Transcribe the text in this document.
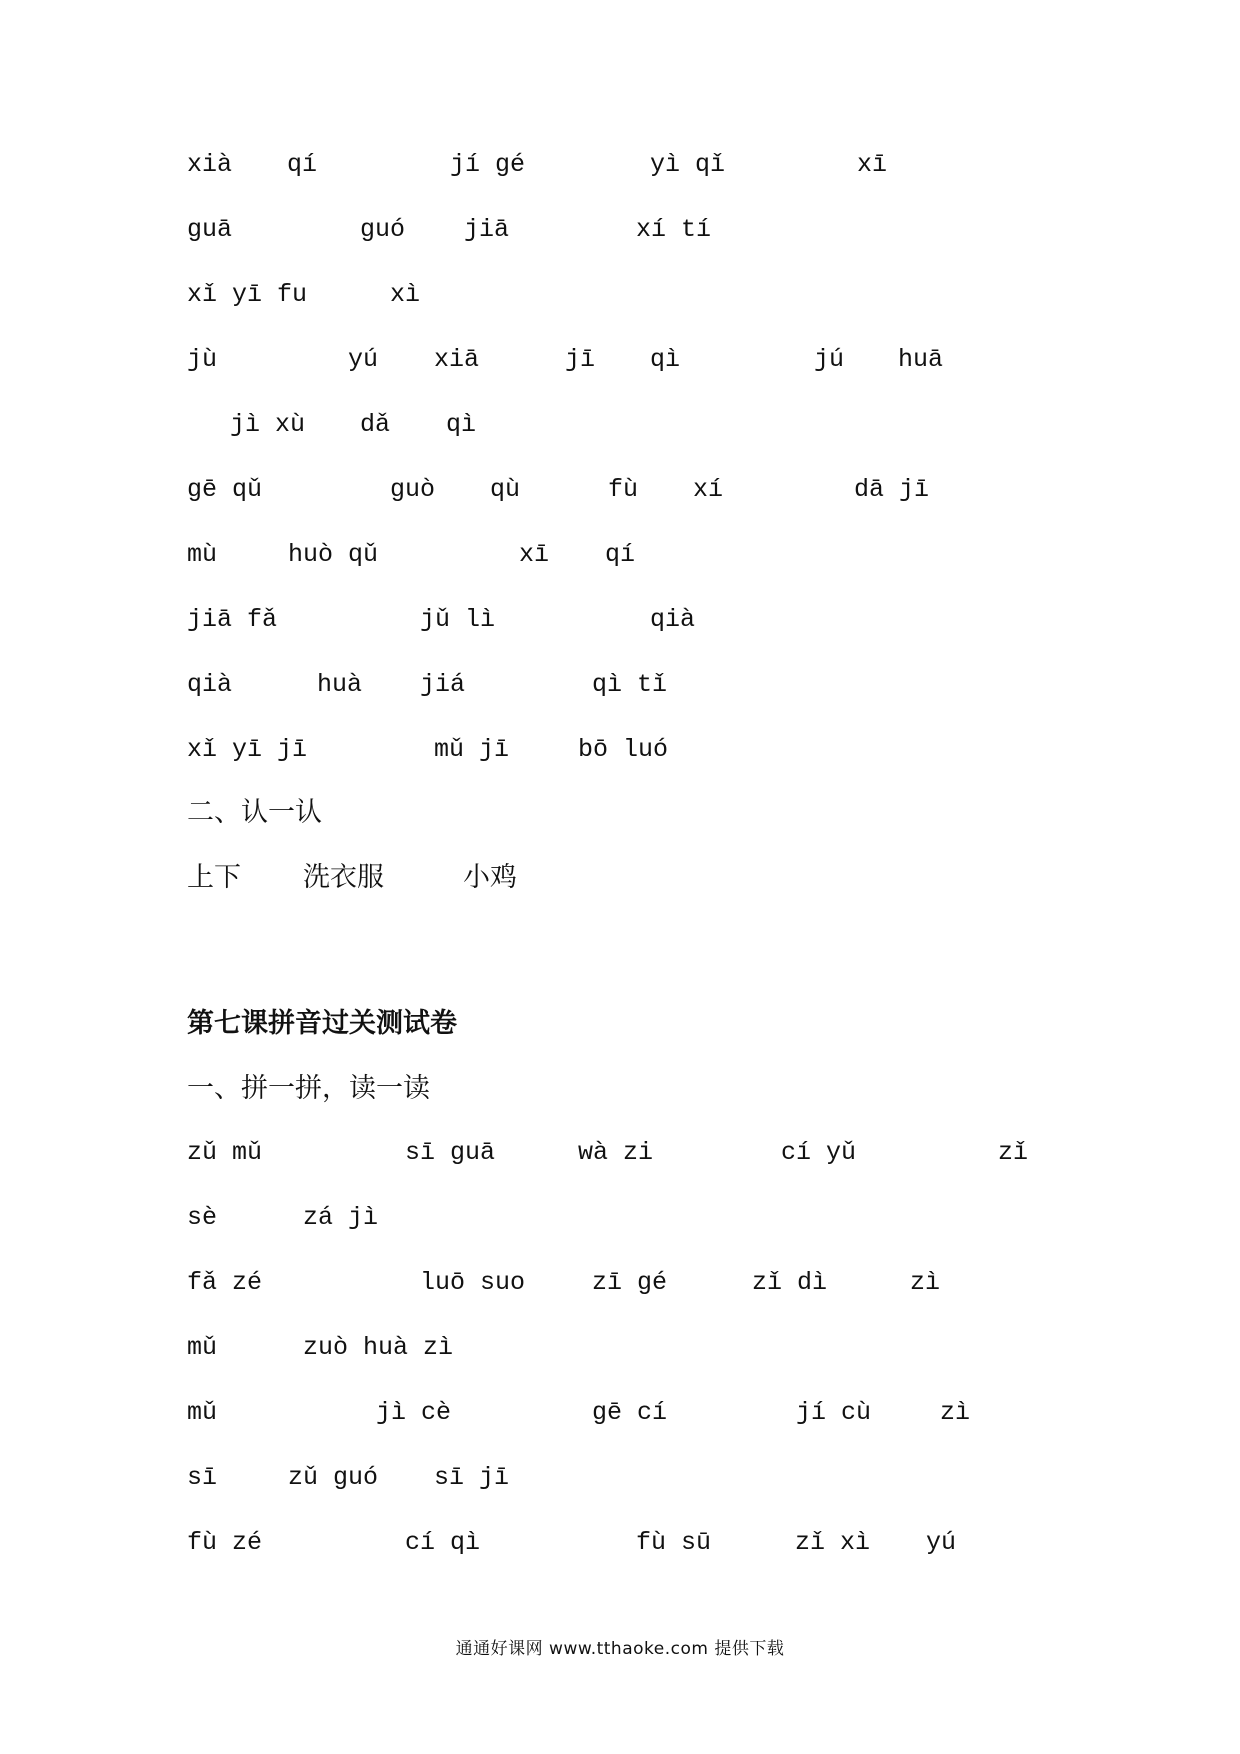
xià qí	jí gé	yì qǐ	xī
guā	guó jiā	xí tí
xǐ yī fu	xì
jù	yú xiā	jī qì	jú huā
jì xù dǎ qì
gē qǔ	guò qù	fù xí	dā jī
mù	huò qǔ	xī qí
jiā fǎ	jǔ lì	qià
qià	huà jiá	qì tǐ
xǐ yī jī	mǔ jī	bō luó
二、认一认
上下 洗衣服	小鸡
第七课拼音过关测试卷
一、拼一拼，读一读
zǔ mǔ	sī guā	wà zi	cí yǔ	zǐ
sè	zá jì
fǎ zé	luō suo	zī gé	zǐ dì	zì
mǔ	zuò huà zì
mǔ	jì cè	gē cí	jí cù	zì
sī	zǔ guó sī jī
fù zé	cí qì	fù sū	zǐ xì yú
通通好课网 www.tthaoke.com 提供下载
